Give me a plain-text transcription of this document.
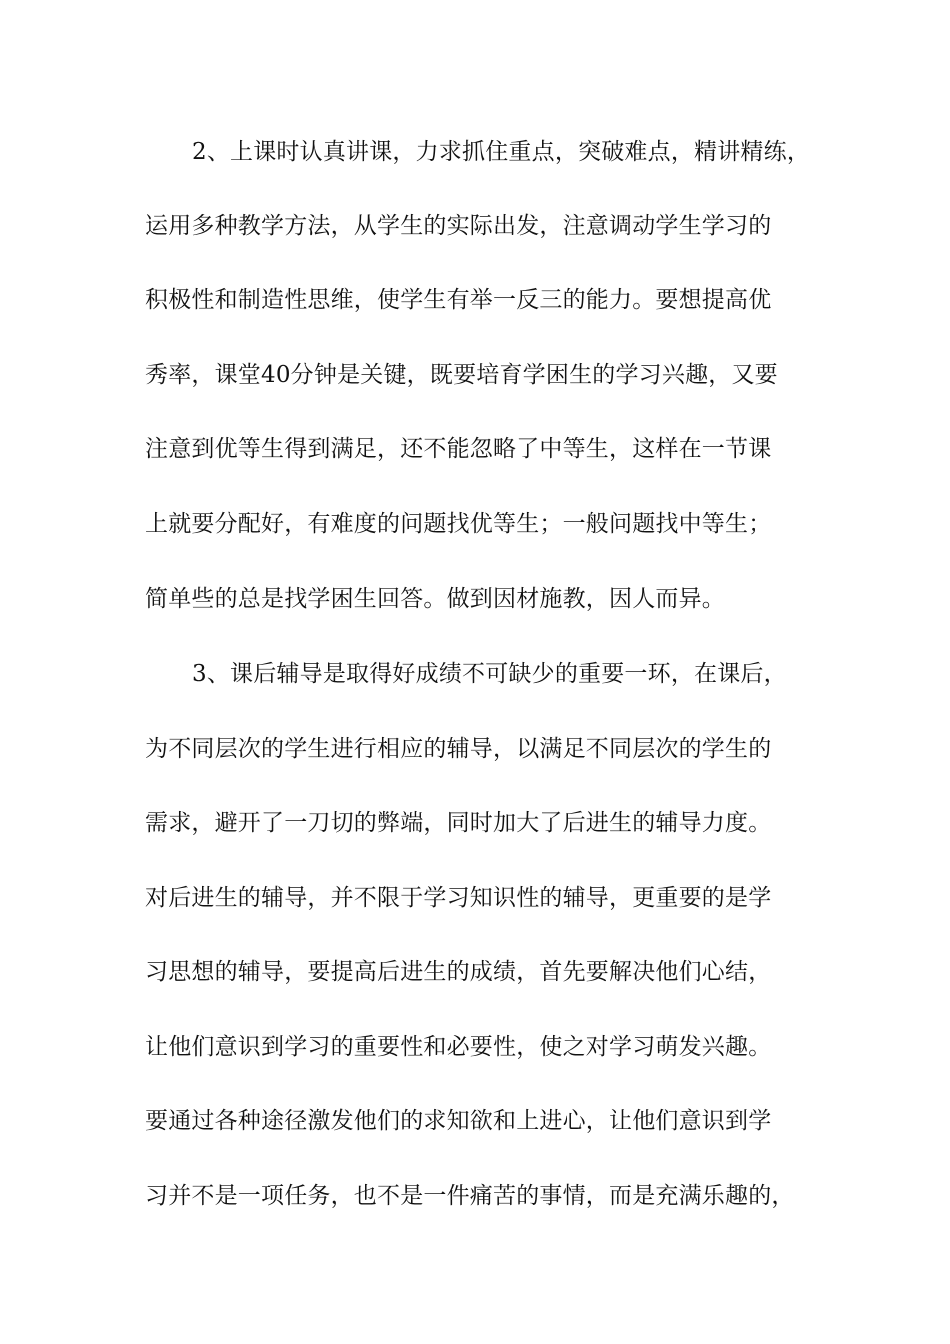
2、上课时认真讲课，力求抓住重点，突破难点，精讲精练，
运用多种教学方法，从学生的实际出发，注意调动学生学习的
积极性和制造性思维，使学生有举一反三的能力。要想提高优
秀率，课堂40分钟是关键，既要培育学困生的学习兴趣，又要
注意到优等生得到满足，还不能忽略了中等生，这样在一节课
上就要分配好，有难度的问题找优等生；一般问题找中等生；
简单些的总是找学困生回答。做到因材施教，因人而异。
3、课后辅导是取得好成绩不可缺少的重要一环，在课后，
为不同层次的学生进行相应的辅导，以满足不同层次的学生的
需求，避开了一刀切的弊端，同时加大了后进生的辅导力度。
对后进生的辅导，并不限于学习知识性的辅导，更重要的是学
习思想的辅导，要提高后进生的成绩，首先要解决他们心结，
让他们意识到学习的重要性和必要性，使之对学习萌发兴趣。
要通过各种途径激发他们的求知欲和上进心，让他们意识到学
习并不是一项任务，也不是一件痛苦的事情，而是充满乐趣的，
